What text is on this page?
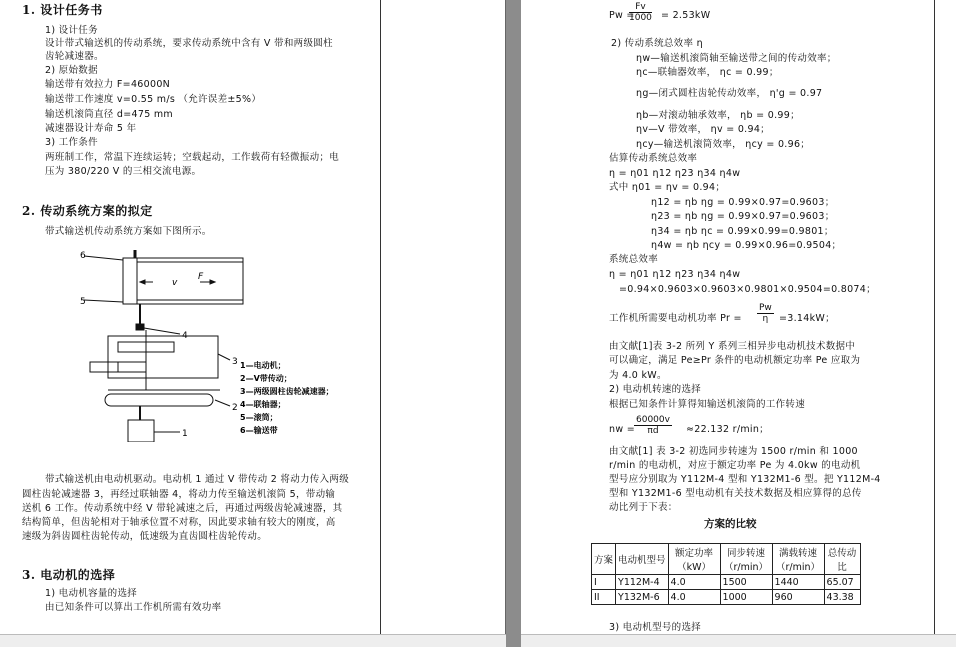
1. 设计任务书
1) 设计任务
设计带式输送机的传动系统，要求传动系统中含有 V 带和两级圆柱
齿轮减速器。
2) 原始数据
输送带有效拉力 F=46000N
输送带工作速度 v=0.55 m/s （允许误差±5%）
输送机滚筒直径 d=475 mm
减速器设计寿命 5 年
3) 工作条件
两班制工作，常温下连续运转；空载起动，工作载荷有轻微振动；电
压为 380/220 V 的三相交流电源。
2. 传动系统方案的拟定
带式输送机传动系统方案如下图所示。
6
5
4
3
2
1
v
F
1—电动机；
2—V带传动；
3—两级圆柱齿轮减速器；
4—联轴器；
5—滚筒；
6—输送带
带式输送机由电动机驱动。电动机 1 通过 V 带传动 2 将动力传入两级
圆柱齿轮减速器 3，再经过联轴器 4，将动力传至输送机滚筒 5，带动输
送机 6 工作。传动系统中经 V 带轮减速之后，再通过两级齿轮减速器，其
结构简单，但齿轮相对于轴承位置不对称，因此要求轴有较大的刚度，高
速级为斜齿圆柱齿轮传动，低速级为直齿圆柱齿轮传动。
3. 电动机的选择
1) 电动机容量的选择
由已知条件可以算出工作机所需有效功率
Pw =
$\frac{Fv}{1000} = 2.53kW$
2) 传动系统总效率 η
ηw—输送机滚筒轴至输送带之间的传动效率；
ηc—联轴器效率， ηc = 0.99；
ηg—闭式圆柱齿轮传动效率， η'g = 0.97
ηb—对滚动轴承效率， ηb = 0.99；
ηv—V 带效率， ηv = 0.94；
ηcy—输送机滚筒效率， ηcy = 0.96；
估算传动系统总效率
η = η01 η12 η23 η34 η4w
式中 η01 = ηv = 0.94；
η12 = ηb ηg = 0.99×0.97=0.9603；
η23 = ηb ηg = 0.99×0.97=0.9603；
η34 = ηb ηc = 0.99×0.99=0.9801；
η4w = ηb ηcy = 0.99×0.96=0.9504；
系统总效率
η = η01 η12 η23 η34 η4w
=0.94×0.9603×0.9603×0.9801×0.9504=0.8074；
工作机所需要电动机功率 $Pr = \frac{Pw}{\eta} =3.14kW$；
由文献[1]表 3-2 所列 Y 系列三相异步电动机技术数据中
可以确定，满足 Pe≥Pr 条件的电动机额定功率 Pe 应取为
为 4.0 kW。
2) 电动机转速的选择
根据已知条件计算得知输送机滚筒的工作转速
nw = $\frac{60000v}{\pi d} \approx 22.132$ r/min；
由文献[1] 表 3-2 初选同步转速为 1500 r/min 和 1000
r/min 的电动机，对应于额定功率 Pe 为 4.0kw 的电动机
型号应分别取为 Y112M-4 型和 Y132M1-6 型。把 Y112M-4
型和 Y132M1-6 型电动机有关技术数据及相应算得的总传
动比列于下表：
方案的比较
方案	电动机型号	额定功率（kW）	同步转速（r/min）	满载转速（r/min）	总传动比
I	Y112M-4	4.0	1500	1440	65.07
II	Y132M-6	4.0	1000	960	43.38
3) 电动机型号的选择
